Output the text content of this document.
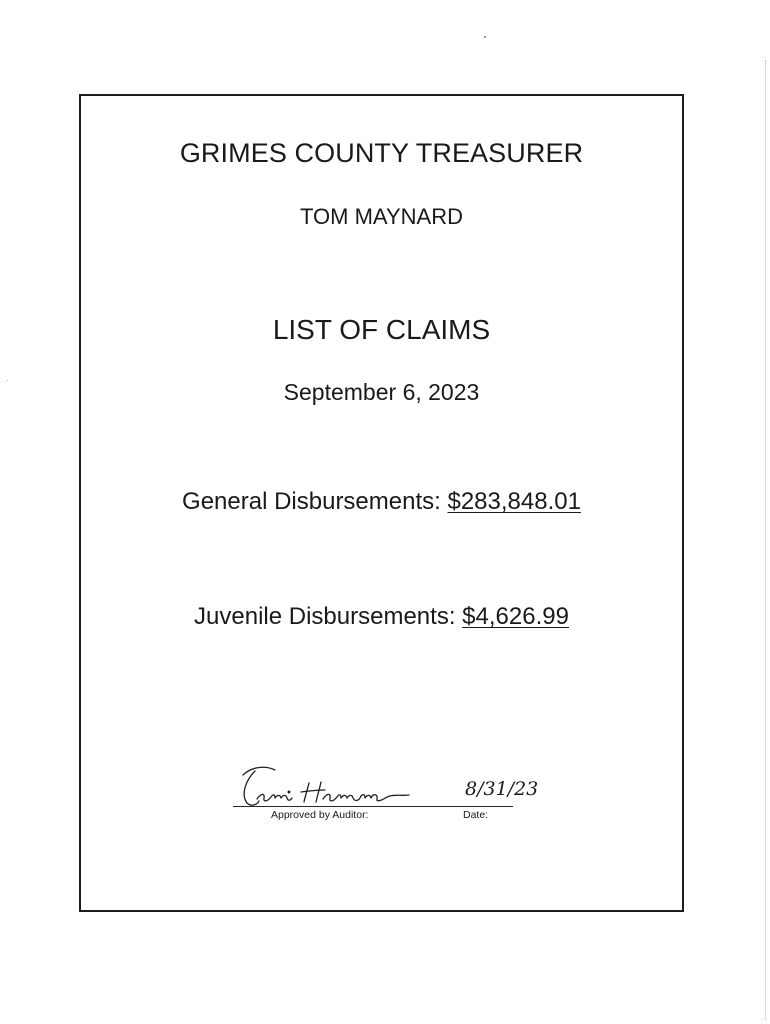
GRIMES COUNTY TREASURER
TOM MAYNARD
LIST OF CLAIMS
September 6, 2023
General Disbursements: $283,848.01
Juvenile Disbursements: $4,626.99
8/31/23
Approved by Auditor:	Date:
